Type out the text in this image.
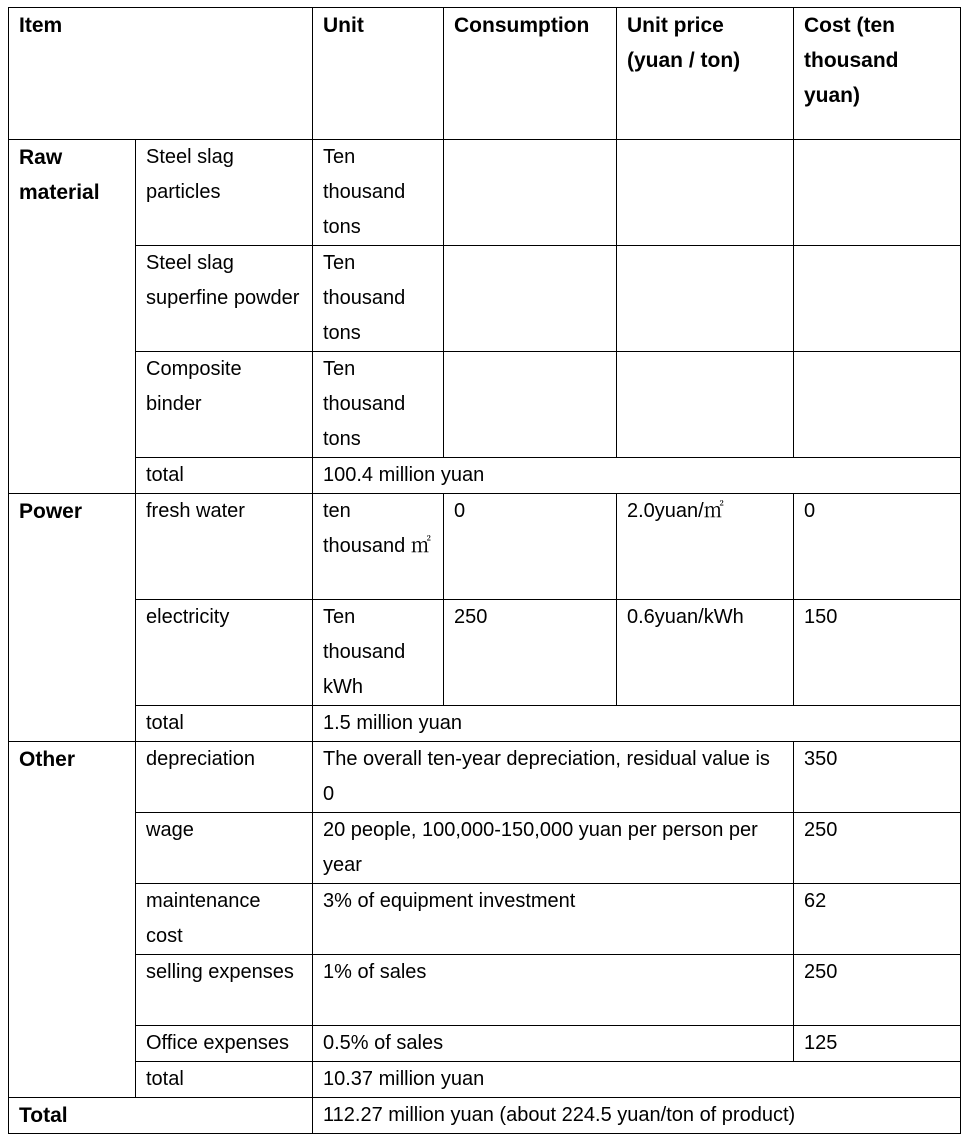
Item		Unit	Consumption	Unit price (yuan / ton)	Cost (ten thousand yuan)
Raw material	Steel slag particles	Ten thousand tons			
	Steel slag superfine powder	Ten thousand tons			
	Composite binder	Ten thousand tons			
	total	100.4 million yuan			
Power	fresh water	ten thousand ㎡	0	2.0yuan/㎡	0
	electricity	Ten thousand kWh	250	0.6yuan/kWh	150
	total	1.5 million yuan			
Other	depreciation	The overall ten-year depreciation, residual value is 0			350
	wage	20 people, 100,000-150,000 yuan per person per year			250
	maintenance cost	3% of equipment investment			62
	selling expenses	1% of sales			250
	Office expenses	0.5% of sales			125
	total	10.37 million yuan			
Total		112.27 million yuan (about 224.5 yuan/ton of product)			
